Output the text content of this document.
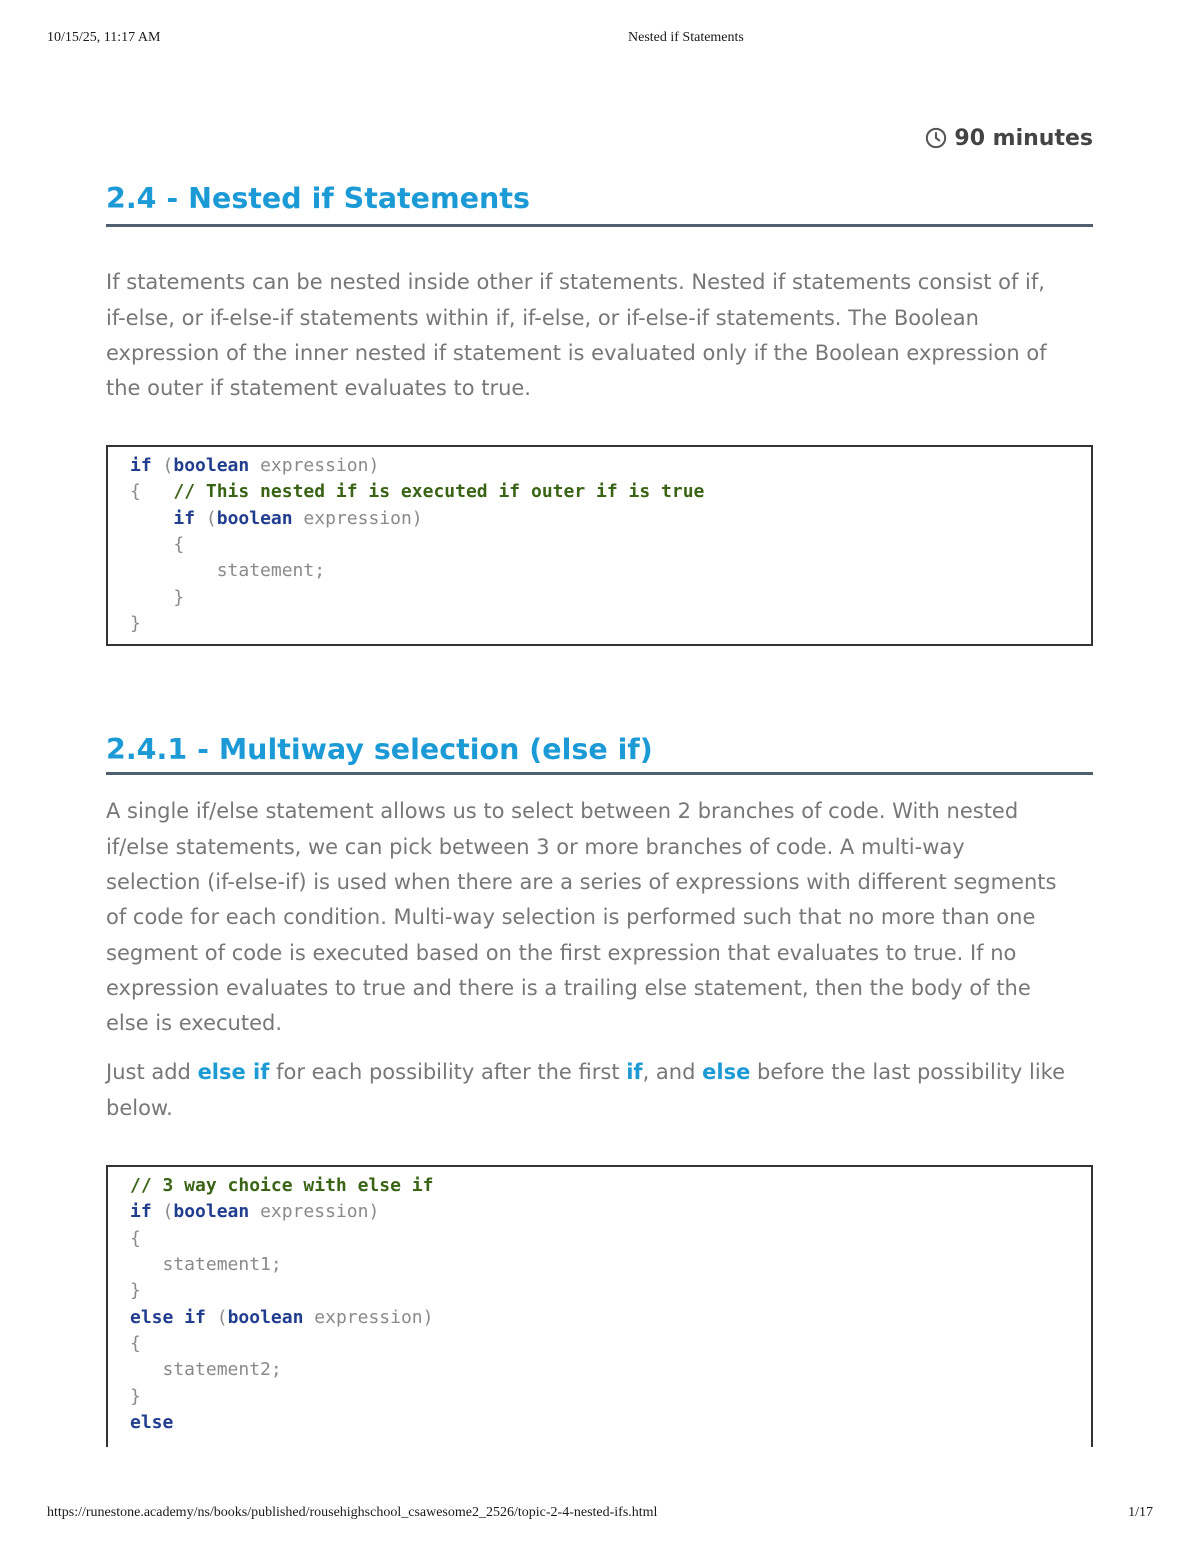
10/15/25, 11:17 AM	Nested if Statements
90 minutes
2.4 - Nested if Statements
If statements can be nested inside other if statements. Nested if statements consist of if,
if-else, or if-else-if statements within if, if-else, or if-else-if statements. The Boolean
expression of the inner nested if statement is evaluated only if the Boolean expression of
the outer if statement evaluates to true.
if (boolean expression)
{   // This nested if is executed if outer if is true
if (boolean expression)
{
statement;
}
}
2.4.1 - Multiway selection (else if)
A single if/else statement allows us to select between 2 branches of code. With nested
if/else statements, we can pick between 3 or more branches of code. A multi-way
selection (if-else-if) is used when there are a series of expressions with different segments
of code for each condition. Multi-way selection is performed such that no more than one
segment of code is executed based on the first expression that evaluates to true. If no
expression evaluates to true and there is a trailing else statement, then the body of the
else is executed.
Just add else if for each possibility after the first if, and else before the last possibility like
below.
// 3 way choice with else if
if (boolean expression)
{
statement1;
}
else if (boolean expression)
{
statement2;
}
else
https://runestone.academy/ns/books/published/rousehighschool_csawesome2_2526/topic-2-4-nested-ifs.html	1/17
